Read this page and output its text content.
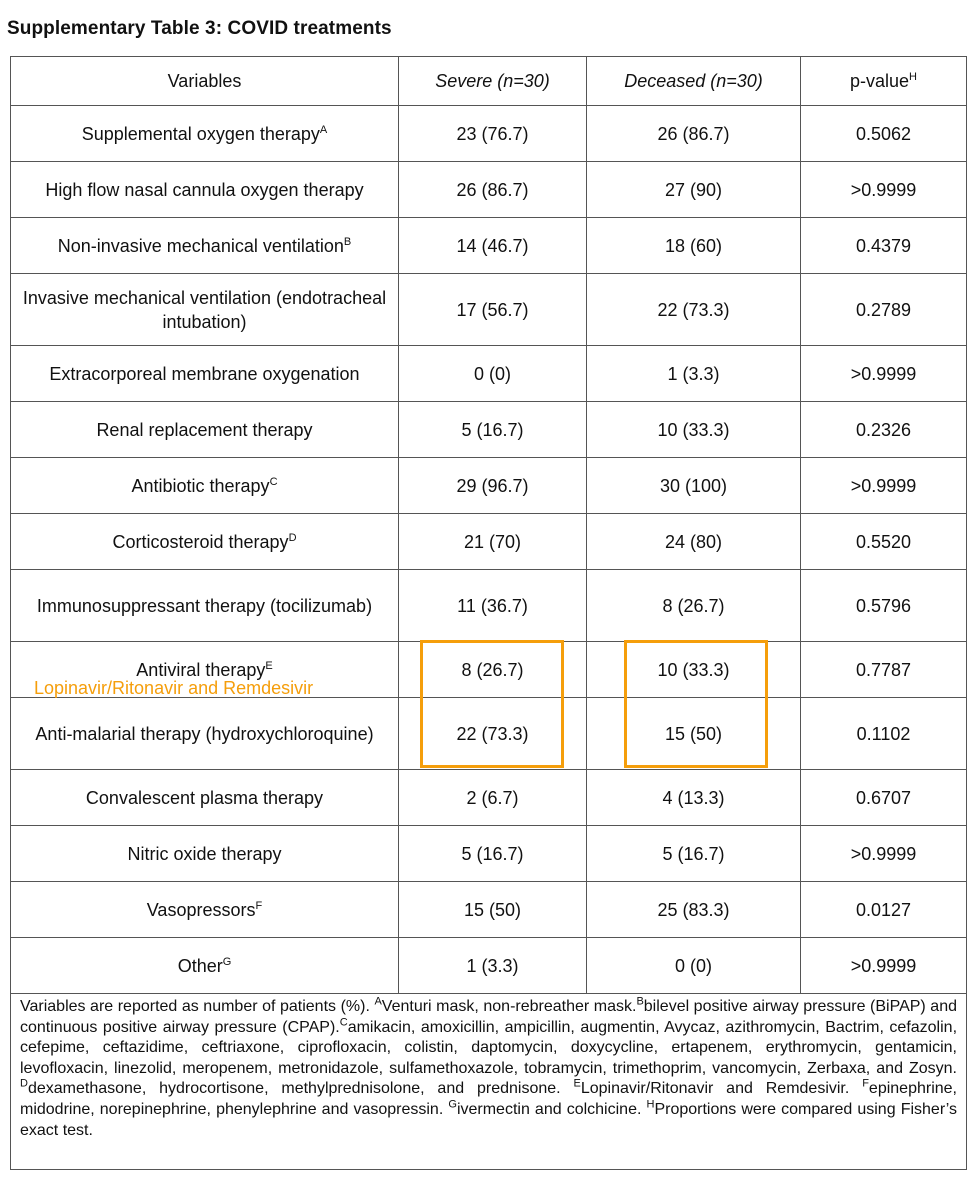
Supplementary Table 3: COVID treatments
Variables	Severe (n=30)	Deceased (n=30)	p-value$^H$
Supplemental oxygen therapy$^A$	23 (76.7)	26 (86.7)	0.5062
High flow nasal cannula oxygen therapy	26 (86.7)	27 (90)	>0.9999
Non-invasive mechanical ventilation$^B$	14 (46.7)	18 (60)	0.4379
Invasive mechanical ventilation (endotracheal intubation)	17 (56.7)	22 (73.3)	0.2789
Extracorporeal membrane oxygenation	0 (0)	1 (3.3)	>0.9999
Renal replacement therapy	5 (16.7)	10 (33.3)	0.2326
Antibiotic therapy$^C$	29 (96.7)	30 (100)	>0.9999
Corticosteroid therapy$^D$	21 (70)	24 (80)	0.5520
Immunosuppressant therapy (tocilizumab)	11 (36.7)	8 (26.7)	0.5796
Antiviral therapy$^E$	8 (26.7)	10 (33.3)	0.7787
Anti-malarial therapy (hydroxychloroquine)	22 (73.3)	15 (50)	0.1102
Convalescent plasma therapy	2 (6.7)	4 (13.3)	0.6707
Nitric oxide therapy	5 (16.7)	5 (16.7)	>0.9999
Vasopressors$^F$	15 (50)	25 (83.3)	0.0127
Other$^G$	1 (3.3)	0 (0)	>0.9999
Variables are reported as number of patients (%). $^A$Venturi mask, non-rebreather mask.$^B$bilevel positive airway pressure (BiPAP) and continuous positive airway pressure (CPAP).$^C$amikacin, amoxicillin, ampicillin, augmentin, Avycaz, azithromycin, Bactrim, cefazolin, cefepime, ceftazidime, ceftriaxone, ciprofloxacin, colistin, daptomycin, doxycycline, ertapenem, erythromycin, gentamicin, levofloxacin, linezolid, meropenem, metronidazole, sulfamethoxazole, tobramycin, trimethoprim, vancomycin, Zerbaxa, and Zosyn. $^D$dexamethasone, hydrocortisone, methylprednisolone, and prednisone. $^E$Lopinavir/Ritonavir and Remdesivir. $^F$epinephrine, midodrine, norepinephrine, phenylephrine and vasopressin. $^G$ivermectin and colchicine. $^H$Proportions were compared using Fisher’s exact test.			
Lopinavir/Ritonavir and Remdesivir
